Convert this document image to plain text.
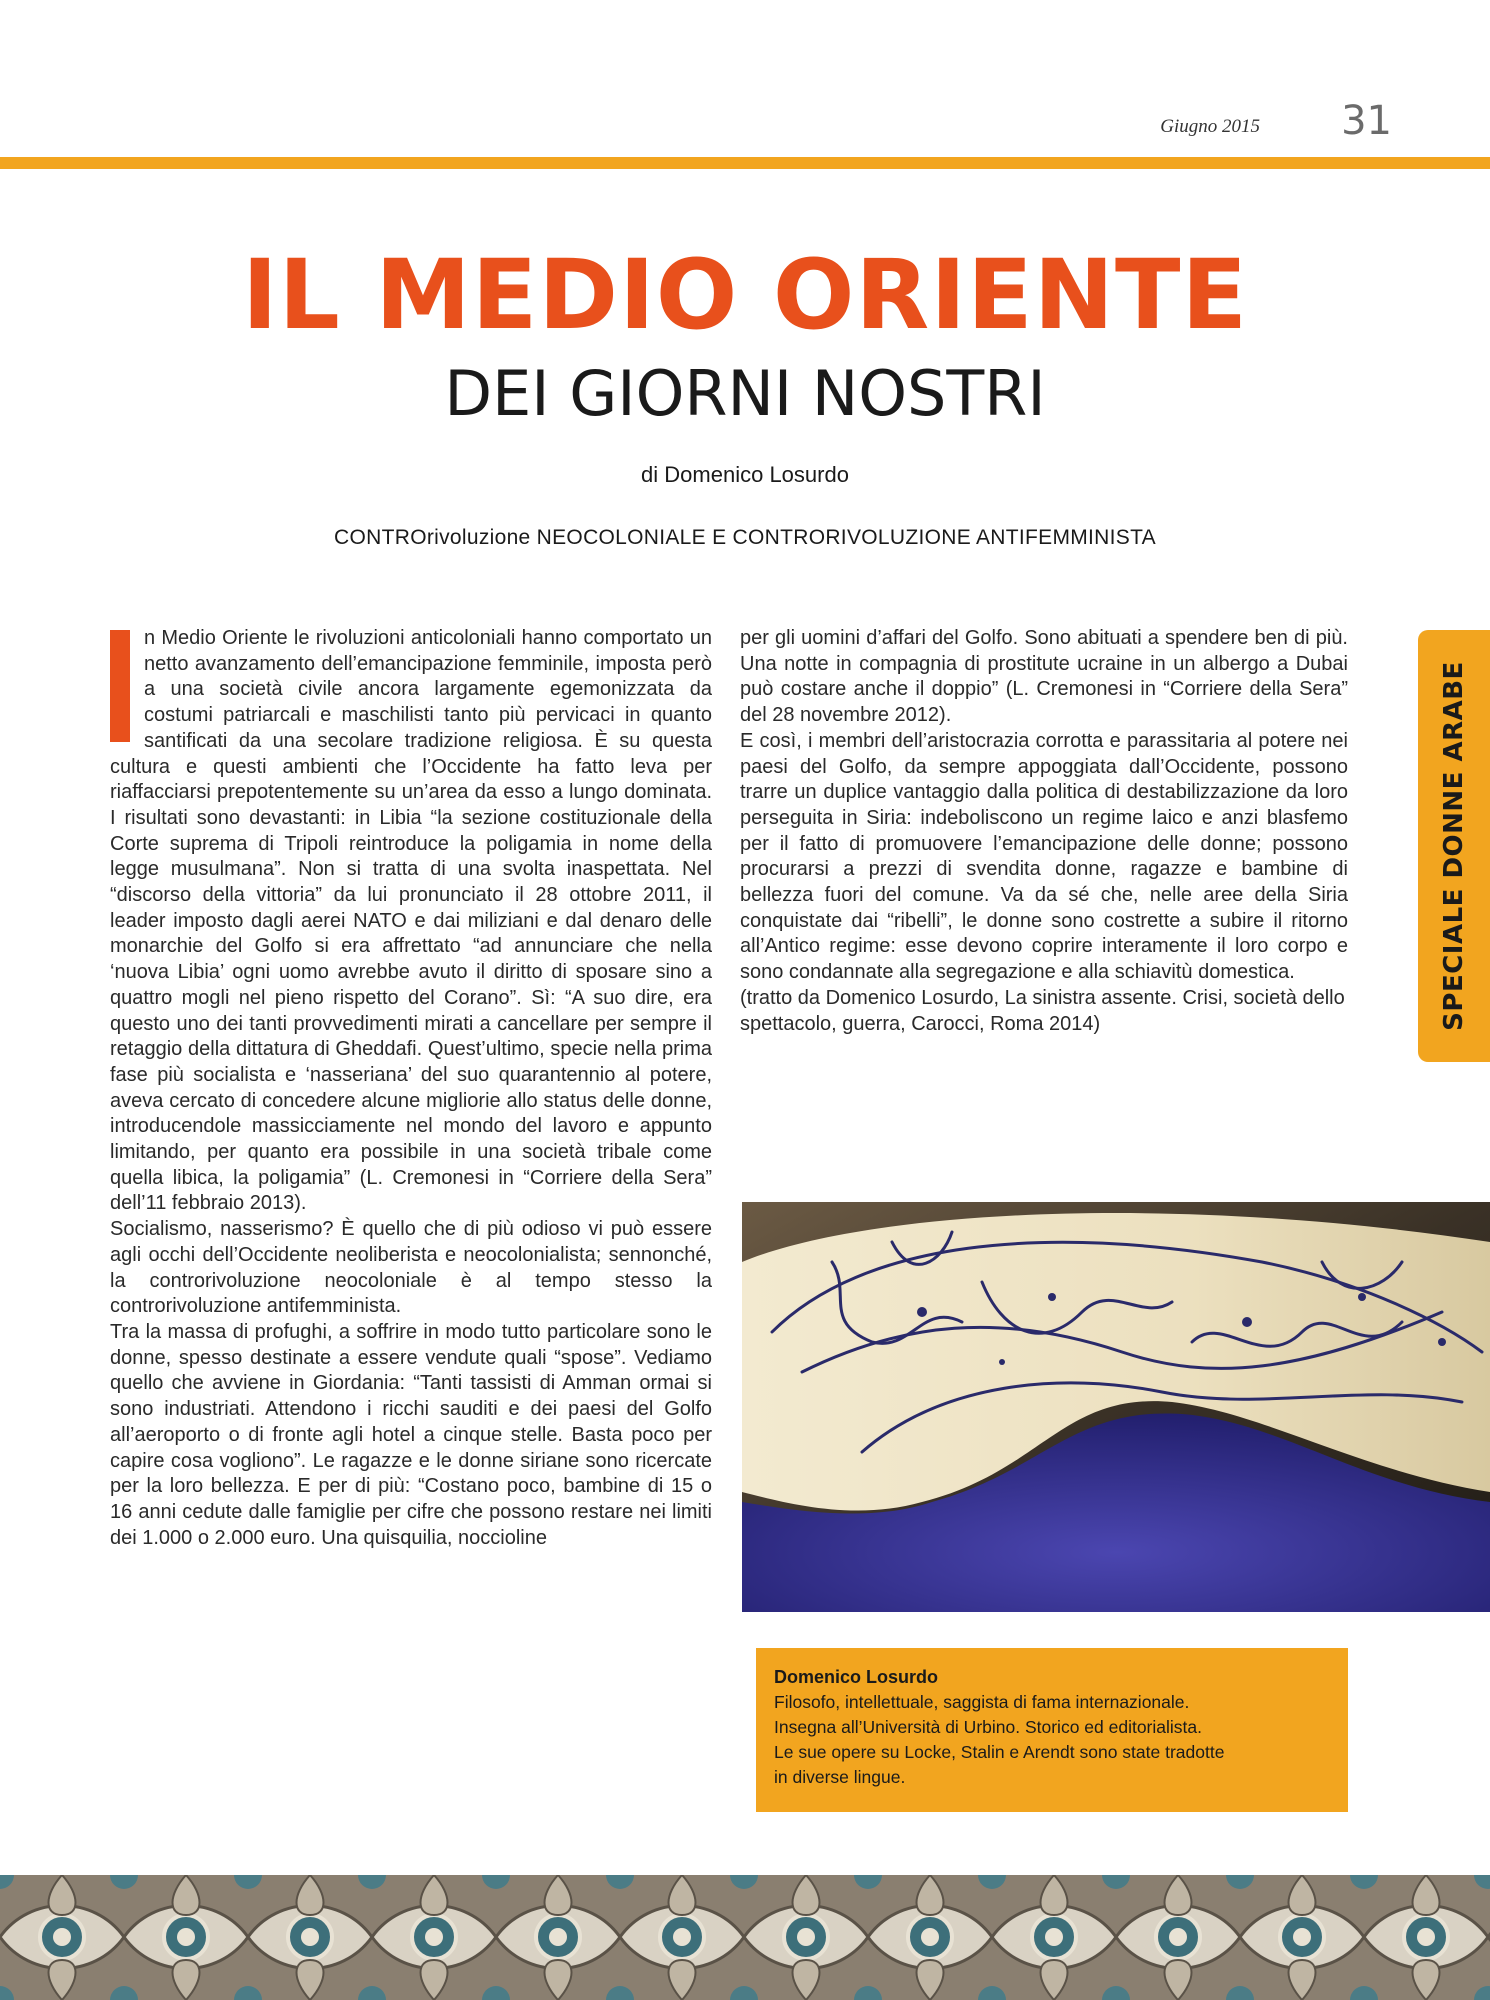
Giugno 2015 31
IL MEDIO ORIENTE
DEI GIORNI NOSTRI
di Domenico Losurdo
CONTROrivoluzione NEOCOLONIALE E CONTRORIVOLUZIONE ANTIFEMMINISTA

n Medio Oriente le rivoluzioni anticoloniali hanno comportato un netto avanzamento dell’emancipazione femminile, imposta però a una società civile ancora largamente egemonizzata da costumi patriarcali e maschilisti tanto più pervicaci in quanto santificati da una secolare tradizione religiosa. È su questa cultura e questi ambienti che l’Occidente ha fatto leva per riaffacciarsi prepotentemente su un’area da esso a lungo dominata. I risultati sono devastanti: in Libia “la sezione costituzionale della Corte suprema di Tripoli reintroduce la poligamia in nome della legge musulmana”. Non si tratta di una svolta inaspettata. Nel “discorso della vittoria” da lui pronunciato il 28 ottobre 2011, il leader imposto dagli aerei NATO e dai miliziani e dal denaro delle monarchie del Golfo si era affrettato “ad annunciare che nella ‘nuova Libia’ ogni uomo avrebbe avuto il diritto di sposare sino a quattro mogli nel pieno rispetto del Corano”. Sì: “A suo dire, era questo uno dei tanti provvedimenti mirati a cancellare per sempre il retaggio della dittatura di Gheddafi. Quest’ultimo, specie nella prima fase più socialista e ‘nasseriana’ del suo quarantennio al potere, aveva cercato di concedere alcune migliorie allo status delle donne, introducendole massicciamente nel mondo del lavoro e appunto limitando, per quanto era possibile in una società tribale come quella libica, la poligamia” (L. Cremonesi in “Corriere della Sera” dell’11 febbraio 2013).

Socialismo, nasserismo? È quello che di più odioso vi può essere agli occhi dell’Occidente neoliberista e neocolonialista; sennonché, la controrivoluzione neocoloniale è al tempo stesso la controrivoluzione antifemminista.

Tra la massa di profughi, a soffrire in modo tutto particolare sono le donne, spesso destinate a essere vendute quali “spose”. Vediamo quello che avviene in Giordania: “Tanti tassisti di Amman ormai si sono industriati. Attendono i ricchi sauditi e dei paesi del Golfo all’aeroporto o di fronte agli hotel a cinque stelle. Basta poco per capire cosa vogliono”. Le ragazze e le donne siriane sono ricercate per la loro bellezza. E per di più: “Costano poco, bambine di 15 o 16 anni cedute dalle famiglie per cifre che possono restare nei limiti dei 1.000 o 2.000 euro. Una quisquilia, noccioline

per gli uomini d’affari del Golfo. Sono abituati a spendere ben di più. Una notte in compagnia di prostitute ucraine in un albergo a Dubai può costare anche il doppio” (L. Cremonesi in “Corriere della Sera” del 28 novembre 2012).

E così, i membri dell’aristocrazia corrotta e parassitaria al potere nei paesi del Golfo, da sempre appoggiata dall’Occidente, possono trarre un duplice vantaggio dalla politica di destabilizzazione da loro perseguita in Siria: indeboliscono un regime laico e anzi blasfemo per il fatto di promuovere l’emancipazione delle donne; possono procurarsi a prezzi di svendita donne, ragazze e bambine di bellezza fuori del comune. Va da sé che, nelle aree della Siria conquistate dai “ribelli”, le donne sono costrette a subire il ritorno all’Antico regime: esse devono coprire interamente il loro corpo e sono condannate alla segregazione e alla schiavitù domestica.

(tratto da Domenico Losurdo, La sinistra assente. Crisi, società dello spettacolo, guerra, Carocci, Roma 2014)	SPECIALE DONNE ARABE
Domenico Losurdo
Filosofo, intellettuale, saggista di fama internazionale.
Insegna all’Università di Urbino. Storico ed editorialista.
Le sue opere su Locke, Stalin e Arendt sono state tradotte
in diverse lingue.
